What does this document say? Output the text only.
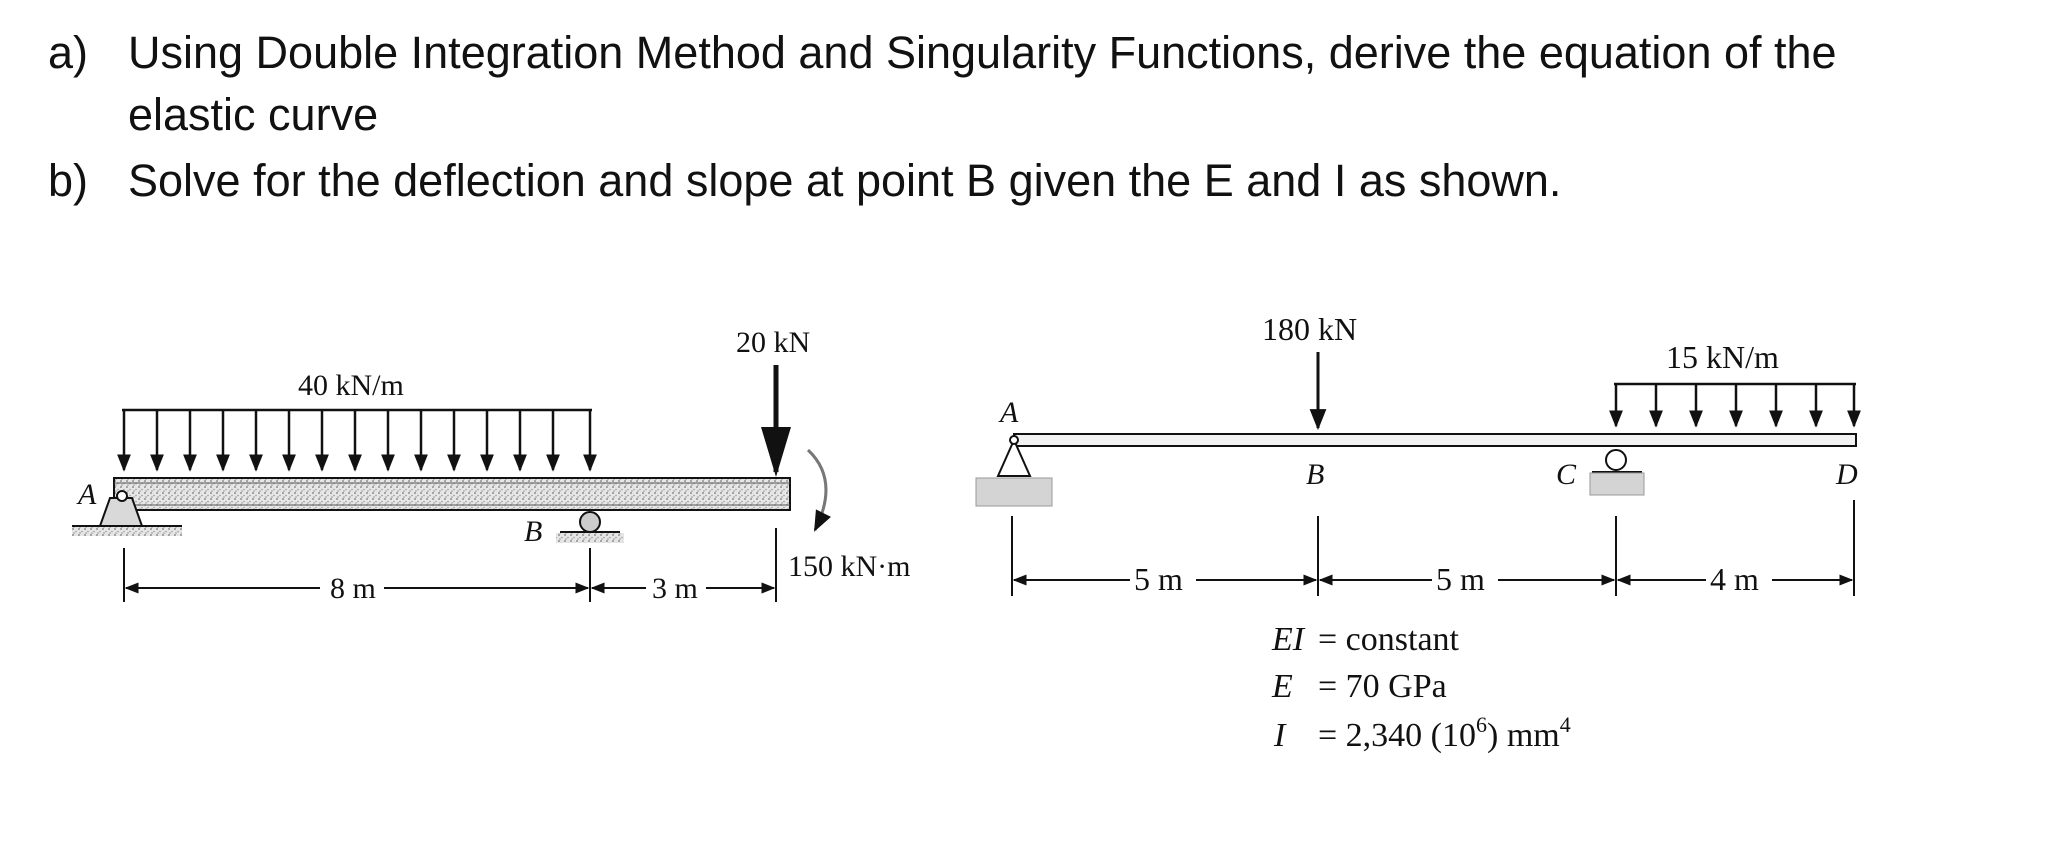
a) Using Double Integration Method and Singularity Functions, derive the equation of the
elastic curve
b) Solve for the deflection and slope at point B given the E and I as shown.
40 kN/m
20 kN
150 kN·m
A
B
8 m	3 m
A
180 kN
B	C
15 kN/m
D
5 m	5 m	4 m
EI = constant
E = 70 GPa
I = 2,340 $(10^6)$ $mm^4$
